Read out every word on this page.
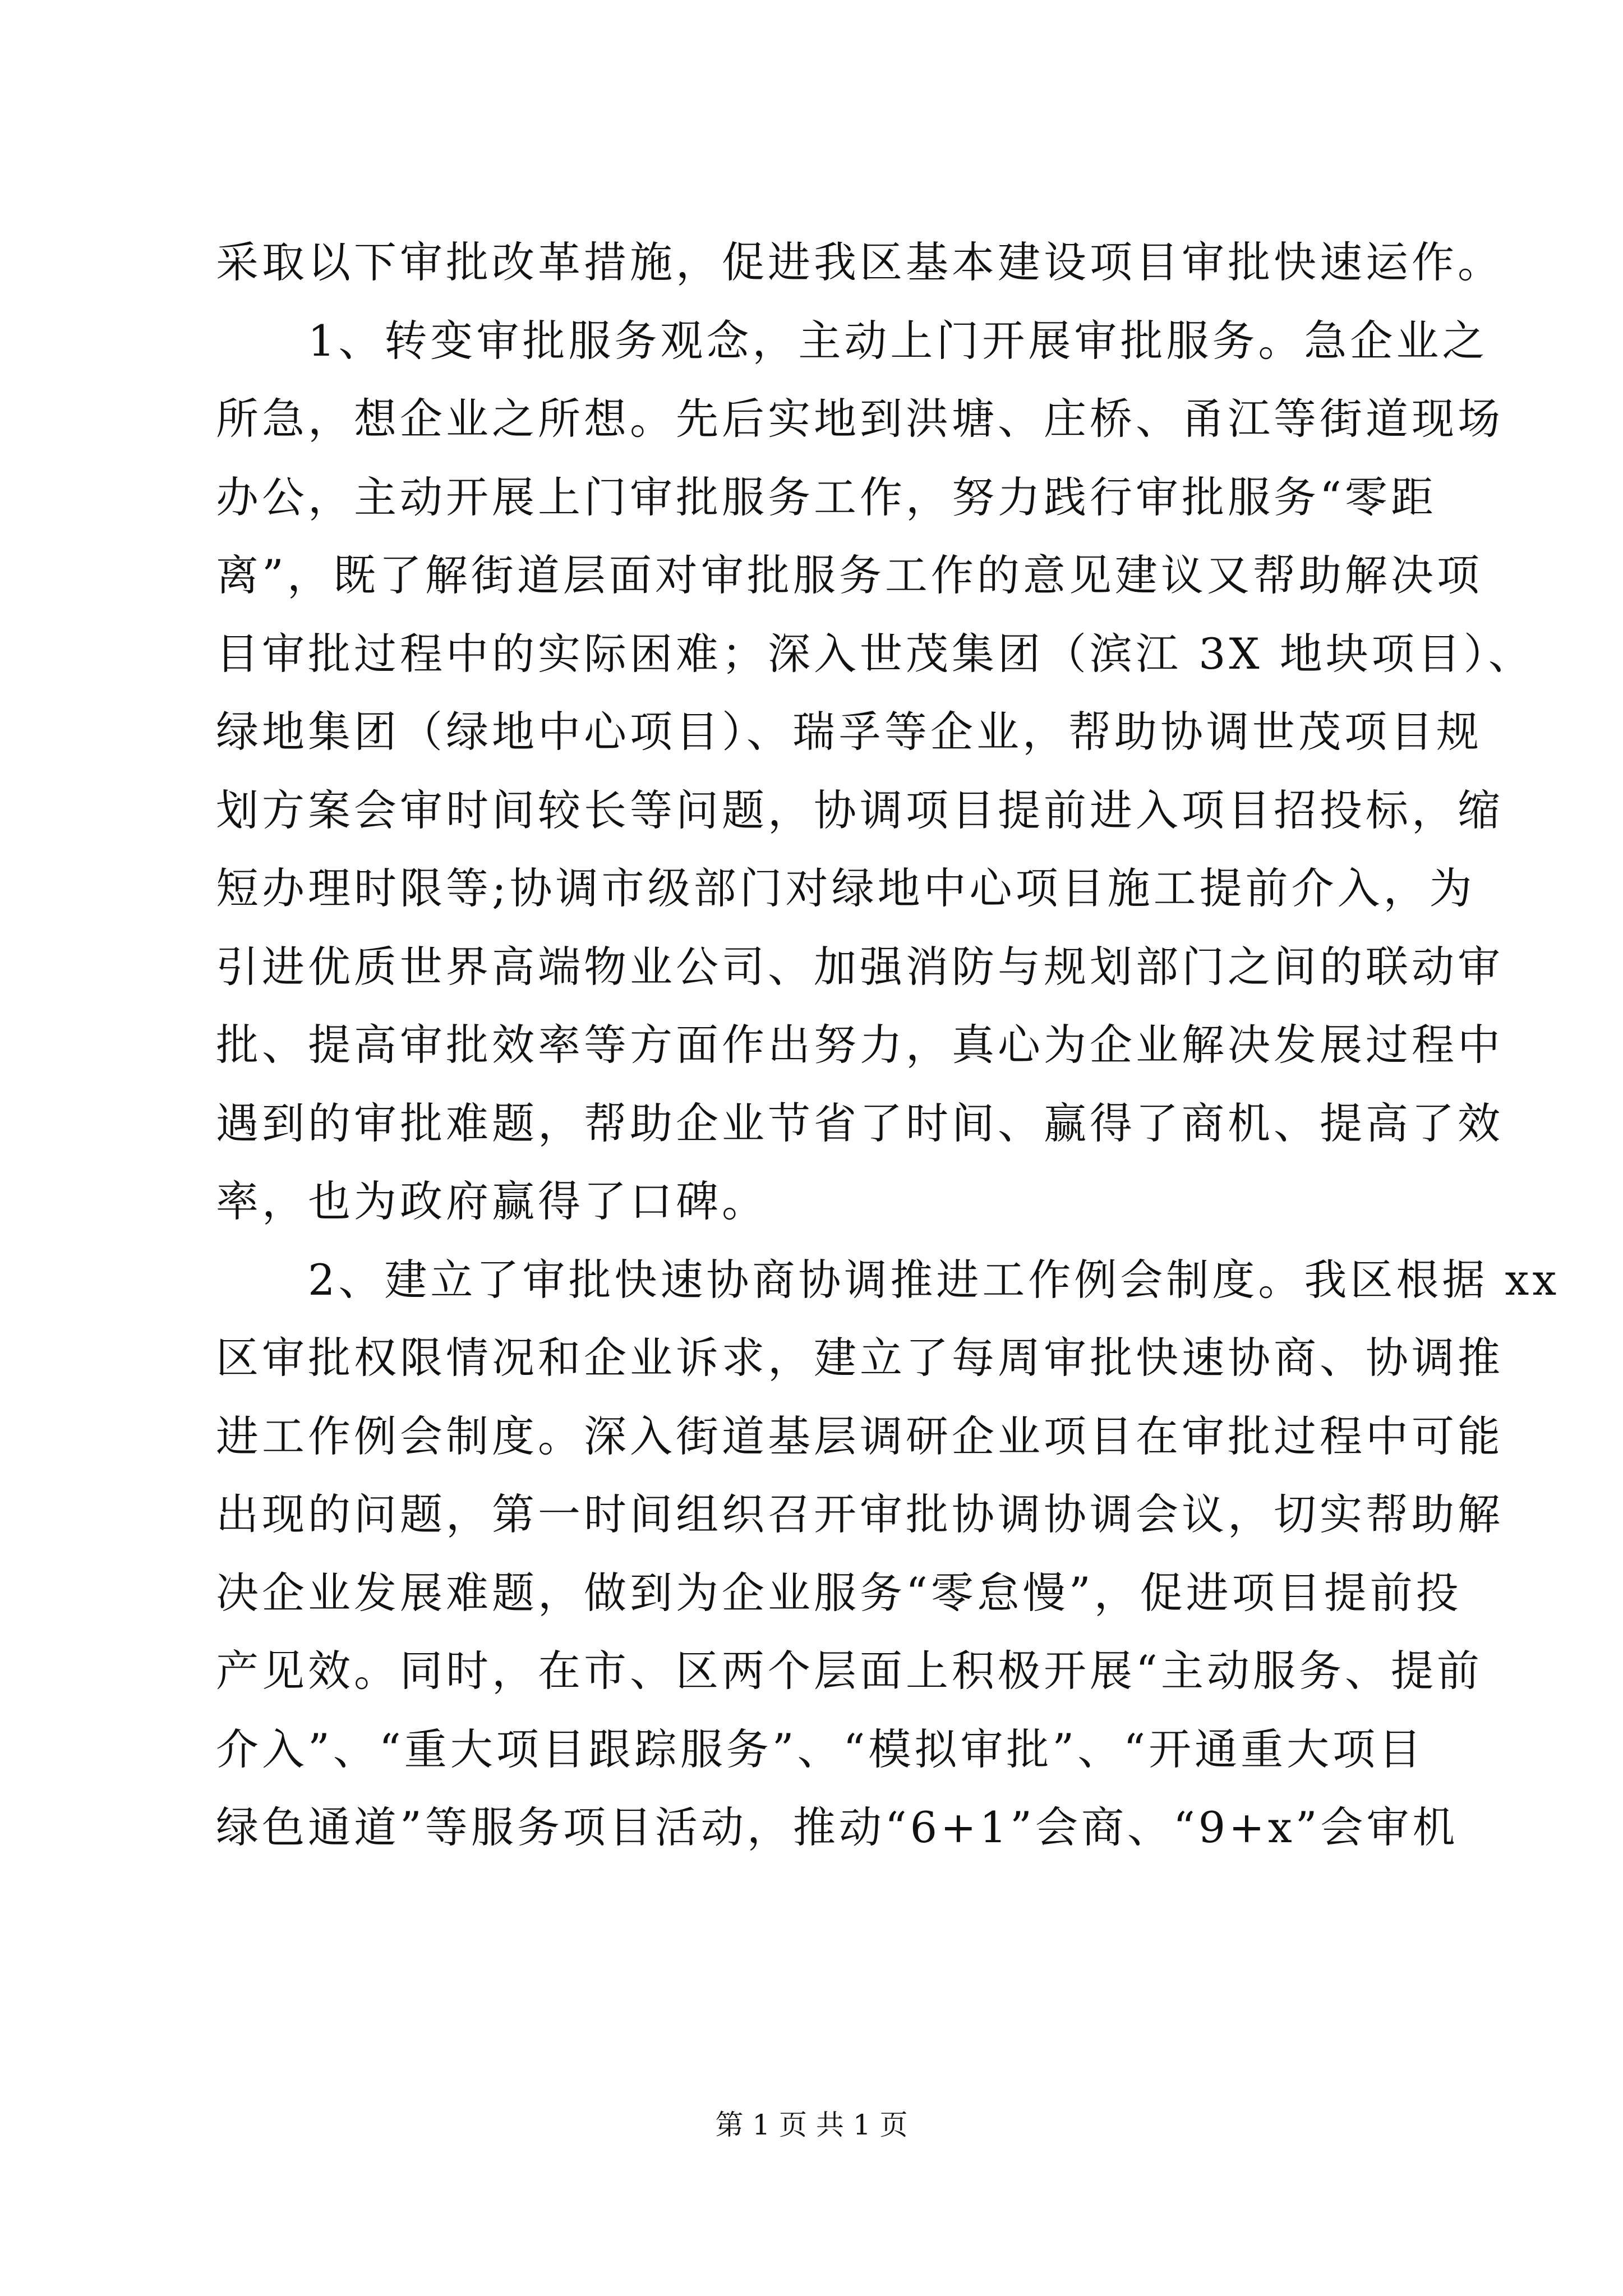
采取以下审批改革措施，促进我区基本建设项目审批快速运作。
　　1、转变审批服务观念，主动上门开展审批服务。急企业之
所急，想企业之所想。先后实地到洪塘、庄桥、甬江等街道现场
办公，主动开展上门审批服务工作，努力践行审批服务“零距
离”，既了解街道层面对审批服务工作的意见建议又帮助解决项
目审批过程中的实际困难；深入世茂集团（滨江 3X 地块项目）、
绿地集团（绿地中心项目）、瑞孚等企业，帮助协调世茂项目规
划方案会审时间较长等问题，协调项目提前进入项目招投标，缩
短办理时限等;协调市级部门对绿地中心项目施工提前介入，为
引进优质世界高端物业公司、加强消防与规划部门之间的联动审
批、提高审批效率等方面作出努力，真心为企业解决发展过程中
遇到的审批难题，帮助企业节省了时间、赢得了商机、提高了效
率，也为政府赢得了口碑。
　　2、建立了审批快速协商协调推进工作例会制度。我区根据 xx
区审批权限情况和企业诉求，建立了每周审批快速协商、协调推
进工作例会制度。深入街道基层调研企业项目在审批过程中可能
出现的问题，第一时间组织召开审批协调协调会议，切实帮助解
决企业发展难题，做到为企业服务“零怠慢”，促进项目提前投
产见效。同时，在市、区两个层面上积极开展“主动服务、提前
介入”、“重大项目跟踪服务”、“模拟审批”、“开通重大项目
绿色通道”等服务项目活动，推动“6+1”会商、“9+x”会审机
第 1 页 共 1 页
